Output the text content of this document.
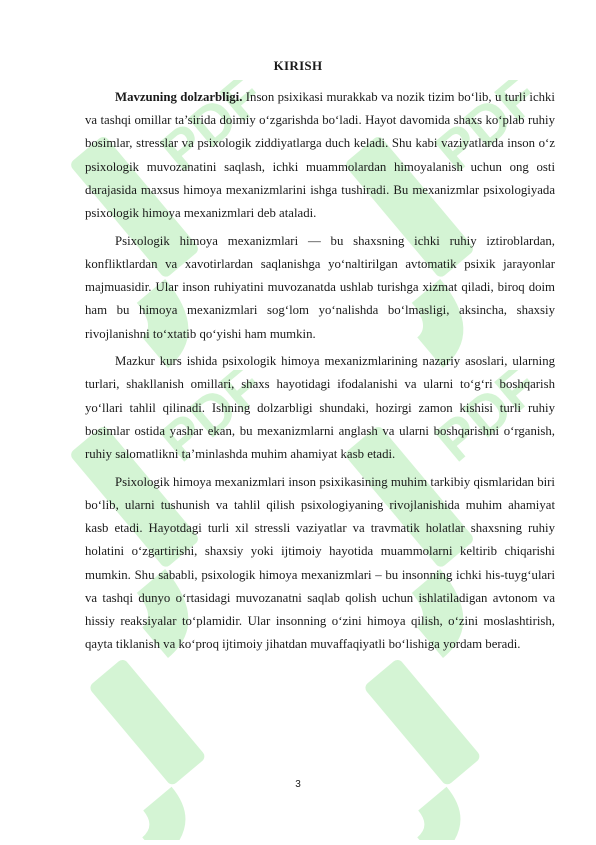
PDF	PDF
PDF	PDF
KIRISH

Mavzuning dolzarbligi. Inson psixikasi murakkab va nozik tizim bo‘lib, u turli ichki va tashqi omillar ta’sirida doimiy o‘zgarishda bo‘ladi. Hayot davomida shaxs ko‘plab ruhiy bosimlar, stresslar va psixologik ziddiyatlarga duch keladi. Shu kabi vaziyatlarda inson o‘z psixologik muvozanatini saqlash, ichki muammolardan himoyalanish uchun ong osti darajasida maxsus himoya mexanizmlarini ishga tushiradi. Bu mexanizmlar psixologiyada psixologik himoya mexanizmlari deb ataladi.

Psixologik himoya mexanizmlari — bu shaxsning ichki ruhiy iztiroblardan, konfliktlardan va xavotirlardan saqlanishga yo‘naltirilgan avtomatik psixik jarayonlar majmuasidir. Ular inson ruhiyatini muvozanatda ushlab turishga xizmat qiladi, biroq doim ham bu himoya mexanizmlari sog‘lom yo‘nalishda bo‘lmasligi, aksincha, shaxsiy rivojlanishni to‘xtatib qo‘yishi ham mumkin.

Mazkur kurs ishida psixologik himoya mexanizmlarining nazariy asoslari, ularning turlari, shakllanish omillari, shaxs hayotidagi ifodalanishi va ularni to‘g‘ri boshqarish yo‘llari tahlil qilinadi. Ishning dolzarbligi shundaki, hozirgi zamon kishisi turli ruhiy bosimlar ostida yashar ekan, bu mexanizmlarni anglash va ularni boshqarishni o‘rganish, ruhiy salomatlikni ta’minlashda muhim ahamiyat kasb etadi.

Psixologik himoya mexanizmlari inson psixikasining muhim tarkibiy qismlaridan biri bo‘lib, ularni tushunish va tahlil qilish psixologiyaning rivojlanishida muhim ahamiyat kasb etadi. Hayotdagi turli xil stressli vaziyatlar va travmatik holatlar shaxsning ruhiy holatini o‘zgartirishi, shaxsiy yoki ijtimoiy hayotida muammolarni keltirib chiqarishi mumkin. Shu sababli, psixologik himoya mexanizmlari – bu insonning ichki his-tuyg‘ulari va tashqi dunyo o‘rtasidagi muvozanatni saqlab qolish uchun ishlatiladigan avtonom va hissiy reaksiyalar to‘plamidir. Ular insonning o‘zini himoya qilish, o‘zini moslashtirish, qayta tiklanish va ko‘proq ijtimoiy jihatdan muvaffaqiyatli bo‘lishiga yordam beradi.

3
